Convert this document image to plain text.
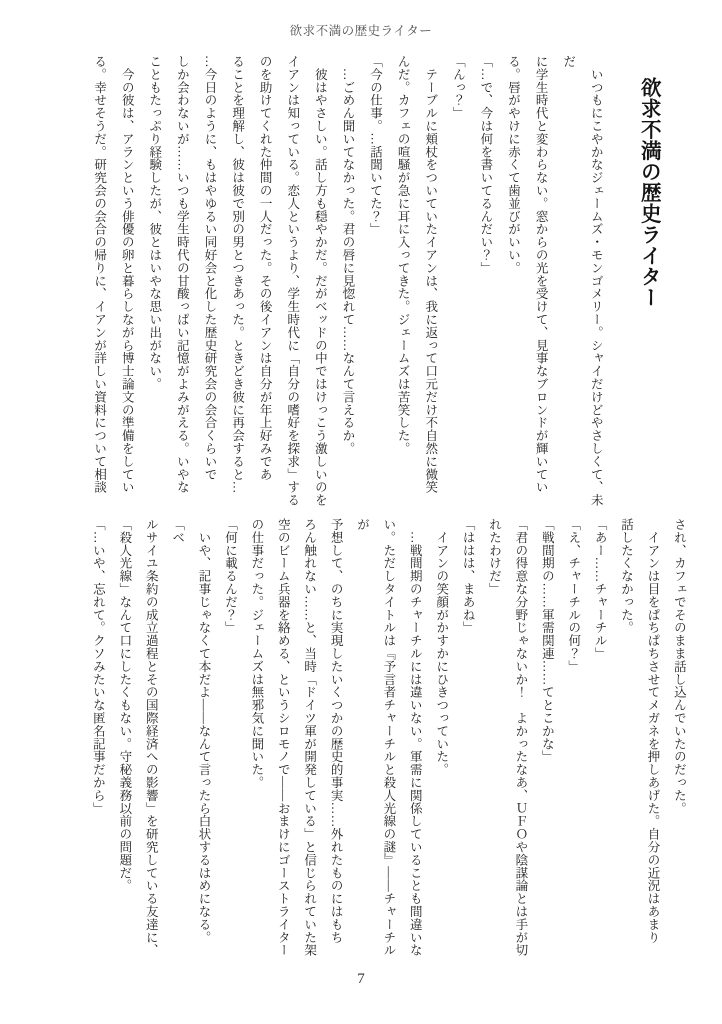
欲求不満の歴史ライター
欲求不満の歴史ライター

　いつもにこやかなジェームズ・モンゴメリー。シャイだけどやさしくて、未だ

に学生時代と変わらない。窓からの光を受けて、見事なブロンドが輝いてい

る。唇がやけに赤くて歯並びがいい。

「…で、今は何を書いてるんだい？」

「んっ？」

　テーブルに頬杖をついていたイアンは、我に返って口元だけ不自然に微笑

んだ。カフェの喧騒が急に耳に入ってきた。ジェームズは苦笑した。

「今の仕事。…話聞いてた？」

　…ごめん聞いてなかった。君の唇に見惚れて……なんて言えるか。

　彼はやさしい。話し方も穏やかだ。だがベッドの中ではけっこう激しいのを

イアンは知っている。恋人というより、学生時代に「自分の嗜好を探求」する

のを助けてくれた仲間の一人だった。その後イアンは自分が年上好みであ

ることを理解し、彼は彼で別の男とつきあった。ときどき彼に再会すると…

…今日のように、もはやゆるい同好会と化した歴史研究会の会合くらいで

しか会わないが……いつも学生時代の甘酸っぱい記憶がよみがえる。いやな

こともたっぷり経験したが、彼とはいやな思い出がない。

　今の彼は、アランという俳優の卵と暮らしながら博士論文の準備をしてい

る。幸せそうだ。研究会の会合の帰りに、イアンが詳しい資料について相談

され、カフェでそのまま話し込んでいたのだった。

　イアンは目をぱちぱちさせてメガネを押しあげた。自分の近況はあまり

話したくなかった。

「あー……チャーチル」

「え、チャーチルの何？」

「戦間期の……軍需関連……てとこかな」

「君の得意な分野じゃないか！　よかったなあ、ＵＦＯや陰謀論とは手が切

れたわけだ」

「ははは、まあね」

　イアンの笑顔がかすかにひきつっていた。

　…戦間期のチャーチルには違いない。軍需に関係していることも間違いな

い。ただしタイトルは『予言者チャーチルと殺人光線の謎』――チャーチルが

予想して、のちに実現したいくつかの歴史的事実……外れたものにはもち

ろん触れない……と、当時「ドイツ軍が開発している」と信じられていた架

空のビーム兵器を絡める、というシロモノで――おまけにゴーストライター

の仕事だった。ジェームズは無邪気に聞いた。

「何に載るんだ？」

　いや、記事じゃなくて本だよ――なんて言ったら白状するはめになる。「ベ

ルサイユ条約の成立過程とその国際経済への影響」を研究している友達に、

「殺人光線」なんて口にしたくもない。守秘義務以前の問題だ。

「…いや、忘れて。クソみたいな匿名記事だから」

7
